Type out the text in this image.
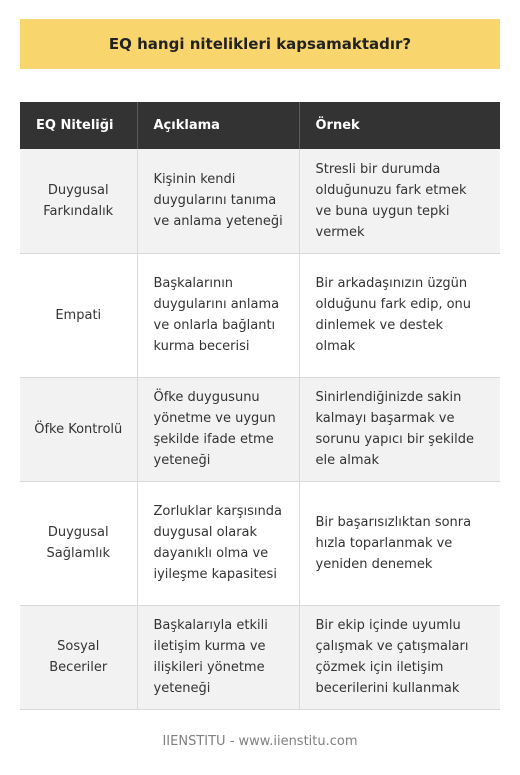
EQ hangi nitelikleri kapsamaktadır?
EQ Niteliği	Açıklama	Örnek
Duygusal Farkındalık	Kişinin kendi duygularını tanıma ve anlama yeteneği	Stresli bir durumda olduğunuzu fark etmek ve buna uygun tepki vermek
Empati	Başkalarının duygularını anlama ve onlarla bağlantı kurma becerisi	Bir arkadaşınızın üzgün olduğunu fark edip, onu dinlemek ve destek olmak
Öfke Kontrolü	Öfke duygusunu yönetme ve uygun şekilde ifade etme yeteneği	Sinirlendiğinizde sakin kalmayı başarmak ve sorunu yapıcı bir şekilde ele almak
Duygusal Sağlamlık	Zorluklar karşısında duygusal olarak dayanıklı olma ve iyileşme kapasitesi	Bir başarısızlıktan sonra hızla toparlanmak ve yeniden denemek
Sosyal Beceriler	Başkalarıyla etkili iletişim kurma ve ilişkileri yönetme yeteneği	Bir ekip içinde uyumlu çalışmak ve çatışmaları çözmek için iletişim becerilerini kullanmak
IIENSTITU - www.iienstitu.com
